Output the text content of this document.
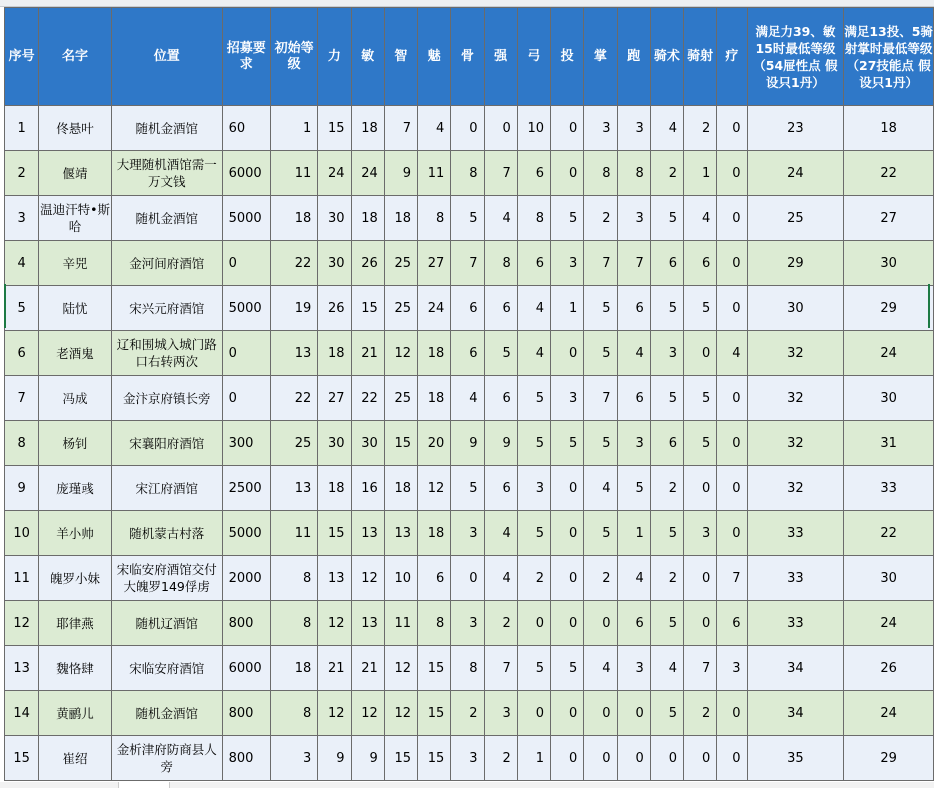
序号	名字	位置	招募要求	初始等级	力	敏	智	魅	骨	强	弓	投	掌	跑	骑术	骑射	疗	满足力39、敏15时最低等级（54屉性点 假设只1丹）	满足13投、5骑射掌时最低等级（27技能点 假设只1丹）
1	佟悬叶	随机金酒馆	60	1	15	18	7	4	0	0	10	0	3	3	4	2	0	23	18
2	偃靖	大理随机酒馆需一万文钱	6000	11	24	24	9	11	8	7	6	0	8	8	2	1	0	24	22
3	温迪汗特•斯哈	随机金酒馆	5000	18	30	18	18	8	5	4	8	5	2	3	5	4	0	25	27
4	辛兕	金河间府酒馆	0	22	30	26	25	27	7	8	6	3	7	7	6	6	0	29	30
5	陆忧	宋兴元府酒馆	5000	19	26	15	25	24	6	6	4	1	5	6	5	5	0	30	29
6	老酒鬼	辽和围城入城门路口右转两次	0	13	18	21	12	18	6	5	4	0	5	4	3	0	4	32	24
7	冯成	金汴京府镇长旁	0	22	27	22	25	18	4	6	5	3	7	6	5	5	0	32	30
8	杨钊	宋襄阳府酒馆	300	25	30	30	15	20	9	9	5	5	5	3	6	5	0	32	31
9	庞瑾彧	宋江府酒馆	2500	13	18	16	18	12	5	6	3	0	4	5	2	0	0	32	33
10	羊小帅	随机蒙古村落	5000	11	15	13	13	18	3	4	5	0	5	1	5	3	0	33	22
11	魄罗小妹	宋临安府酒馆交付大魄罗149俘虏	2000	8	13	12	10	6	0	4	2	0	2	4	2	0	7	33	30
12	耶律燕	随机辽酒馆	800	8	12	13	11	8	3	2	0	0	0	6	5	0	6	33	24
13	魏恪肆	宋临安府酒馆	6000	18	21	21	12	15	8	7	5	5	4	3	4	7	3	34	26
14	黄鹂儿	随机金酒馆	800	8	12	12	12	15	2	3	0	0	0	0	5	2	0	34	24
15	崔绍	金析津府防商县人旁	800	3	9	9	15	15	3	2	1	0	0	0	0	0	0	35	29
